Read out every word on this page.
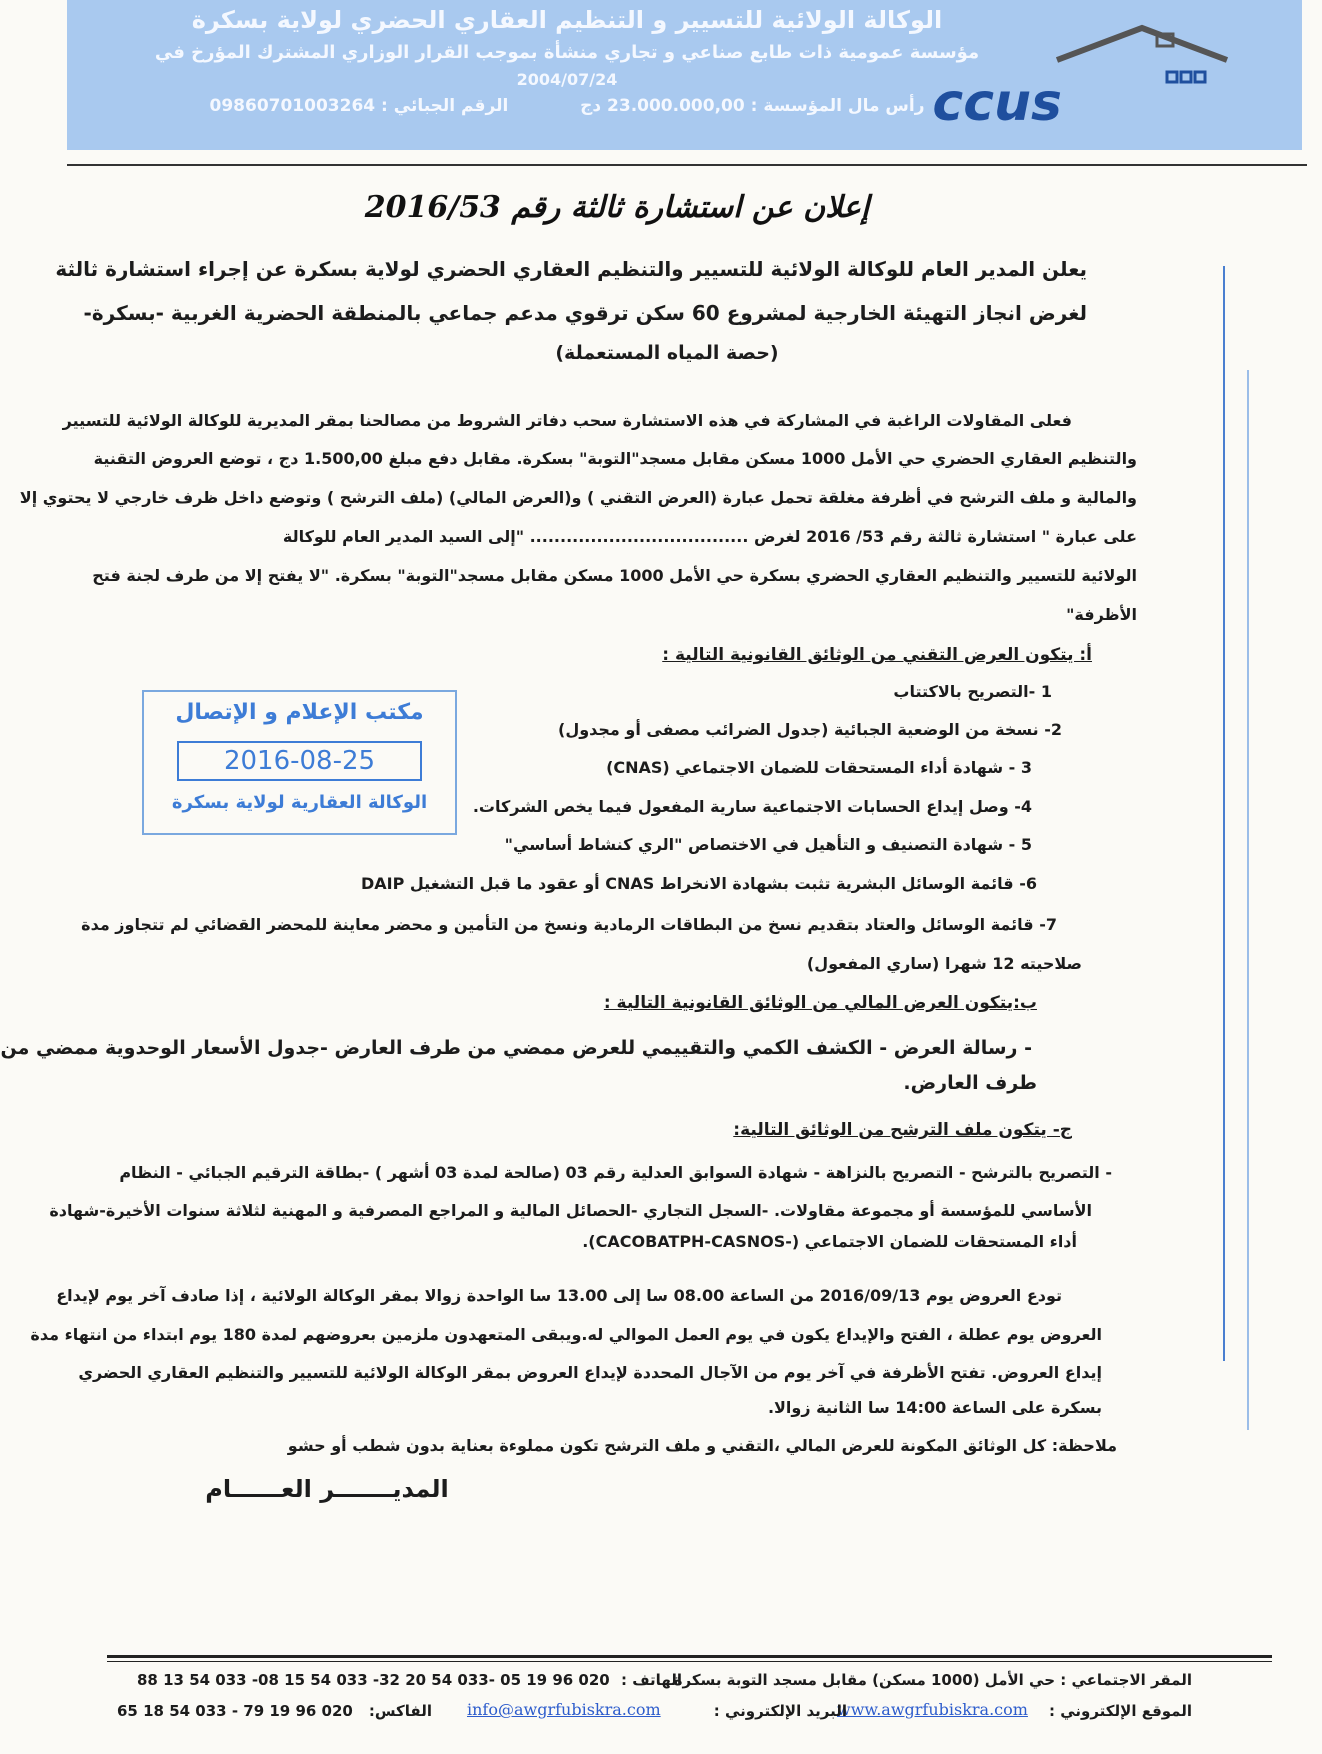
الوكالة الولائية للتسيير و التنظيم العقاري الحضري لولاية بسكرة
مؤسسة عمومية ذات طابع صناعي و تجاري منشأة بموجب القرار الوزاري المشترك المؤرخ في
2004/07/24
رأس مال المؤسسة : 23.000.000,00 دج  الرقم الجبائي : 09860701003264	ccus
إعلان عن استشارة ثالثة رقم 2016/53
يعلن المدير العام للوكالة الولائية للتسيير والتنظيم العقاري الحضري لولاية بسكرة عن إجراء استشارة ثالثة
لغرض انجاز التهيئة الخارجية لمشروع 60 سكن ترقوي مدعم جماعي بالمنطقة الحضرية الغربية -بسكرة-
(حصة المياه المستعملة)
فعلى المقاولات الراغبة في المشاركة في هذه الاستشارة سحب دفاتر الشروط من مصالحنا بمقر المديرية للوكالة الولائية للتسيير
والتنظيم العقاري الحضري حي الأمل 1000 مسكن مقابل مسجد"التوبة" بسكرة. مقابل دفع مبلغ 1.500,00 دج ، توضع العروض التقنية
والمالية و ملف الترشح في أظرفة مغلقة تحمل عبارة (العرض التقني ) و(العرض المالي) (ملف الترشح ) وتوضع داخل ظرف خارجي لا يحتوي إلا
على عبارة " استشارة ثالثة رقم 53/ 2016 لغرض .................................... "إلى السيد المدير العام للوكالة
الولائية للتسيير والتنظيم العقاري الحضري بسكرة حي الأمل 1000 مسكن مقابل مسجد"التوبة" بسكرة. "لا يفتح إلا من طرف لجنة فتح
الأظرفة"
أ: يتكون العرض التقني من الوثائق القانونية التالية :
1 -التصريح بالاكتتاب
2- نسخة من الوضعية الجبائية (جدول الضرائب مصفى أو مجدول)
3 - شهادة أداء المستحقات للضمان الاجتماعي (CNAS)
4- وصل إيداع الحسابات الاجتماعية سارية المفعول فيما يخص الشركات.
5 - شهادة التصنيف و التأهيل في الاختصاص "الري كنشاط أساسي"
6- قائمة الوسائل البشرية تثبت بشهادة الانخراط CNAS أو عقود ما قبل التشغيل DAIP
7- قائمة الوسائل والعتاد بتقديم نسخ من البطاقات الرمادية ونسخ من التأمين و محضر معاينة للمحضر القضائي لم تتجاوز مدة
صلاحيته 12 شهرا (ساري المفعول)
مكتب الإعلام و الإتصال
2016-08-25
الوكالة العقارية لولاية بسكرة
ب:يتكون العرض المالي من الوثائق القانونية التالية :
- رسالة العرض - الكشف الكمي والتقييمي للعرض ممضي من طرف العارض -جدول الأسعار الوحدوية ممضي من
طرف العارض.
ج- يتكون ملف الترشح من الوثائق التالية:
- التصريح بالترشح - التصريح بالنزاهة - شهادة السوابق العدلية رقم 03 (صالحة لمدة 03 أشهر ) -بطاقة الترقيم الجبائي - النظام
الأساسي للمؤسسة أو مجموعة مقاولات. -السجل التجاري -الحصائل المالية و المراجع المصرفية و المهنية لثلاثة سنوات الأخيرة-شهادة
أداء المستحقات للضمان الاجتماعي (-CACOBATPH-CASNOS).
تودع العروض يوم 2016/09/13 من الساعة 08.00 سا إلى 13.00 سا الواحدة زوالا بمقر الوكالة الولائية ، إذا صادف آخر يوم لإيداع
العروض يوم عطلة ، الفتح والإيداع يكون في يوم العمل الموالي له.ويبقى المتعهدون ملزمين بعروضهم لمدة 180 يوم ابتداء من انتهاء مدة
إيداع العروض. تفتح الأظرفة في آخر يوم من الآجال المحددة لإيداع العروض بمقر الوكالة الولائية للتسيير والتنظيم العقاري الحضري
بسكرة على الساعة 14:00 سا الثانية زوالا.
ملاحظة: كل الوثائق المكونة للعرض المالي ،التقني و ملف الترشح تكون مملوءة بعناية بدون شطب أو حشو
المديـــــــر العــــــام
المقر الاجتماعي : حي الأمل (1000 مسكن) مقابل مسجد التوبة بسكرة
الهاتف :
88 13 54 033 -08 15 54 033 -32 20 54 033- 05 19 96 020
الموقع الإلكتروني :
www.awgrfubiskra.com
البريد الإلكتروني :
info@awgrfubiskra.com
الفاكس:
65 18 54 033 - 79 19 96 020
